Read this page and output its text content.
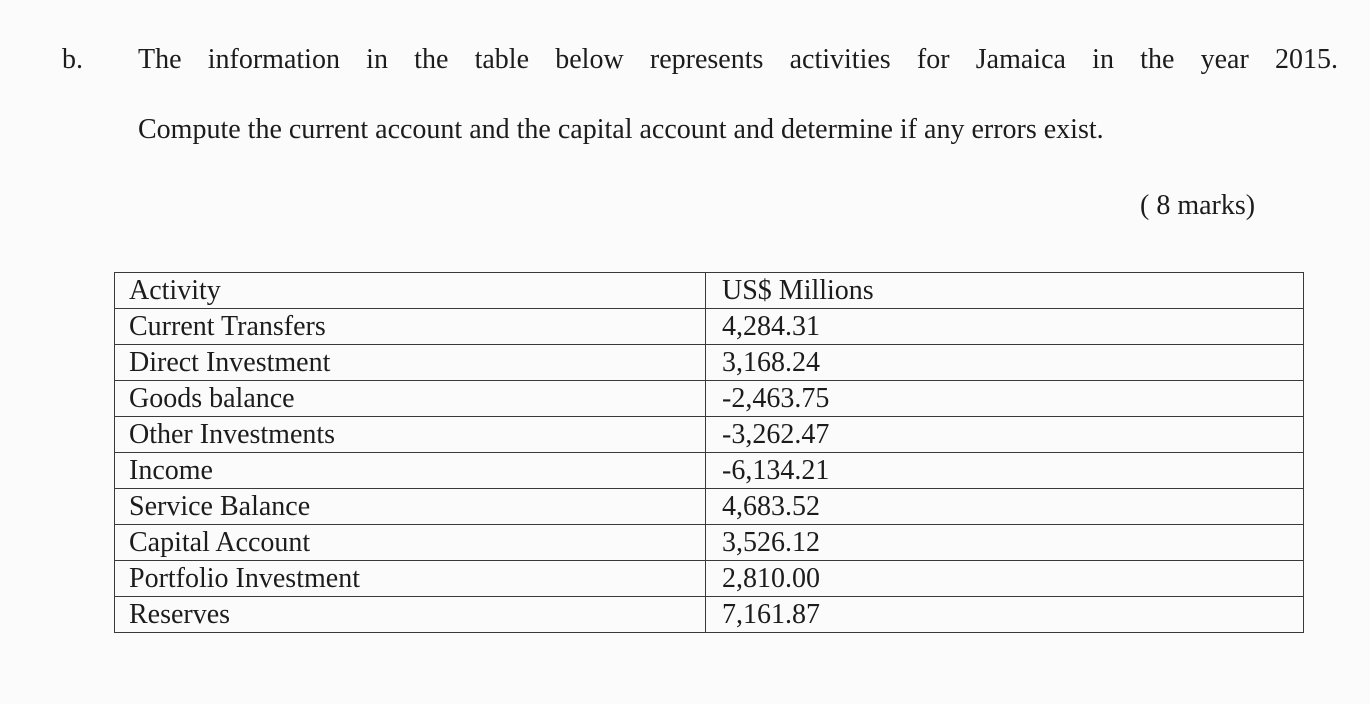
b. The information in the table below represents activities for Jamaica in the year 2015.
Compute the current account and the capital account and determine if any errors exist.
( 8 marks)
Activity	US$ Millions
Current Transfers	4,284.31
Direct Investment	3,168.24
Goods balance	-2,463.75
Other Investments	-3,262.47
Income	-6,134.21
Service Balance	4,683.52
Capital Account	3,526.12
Portfolio Investment	2,810.00
Reserves	7,161.87
